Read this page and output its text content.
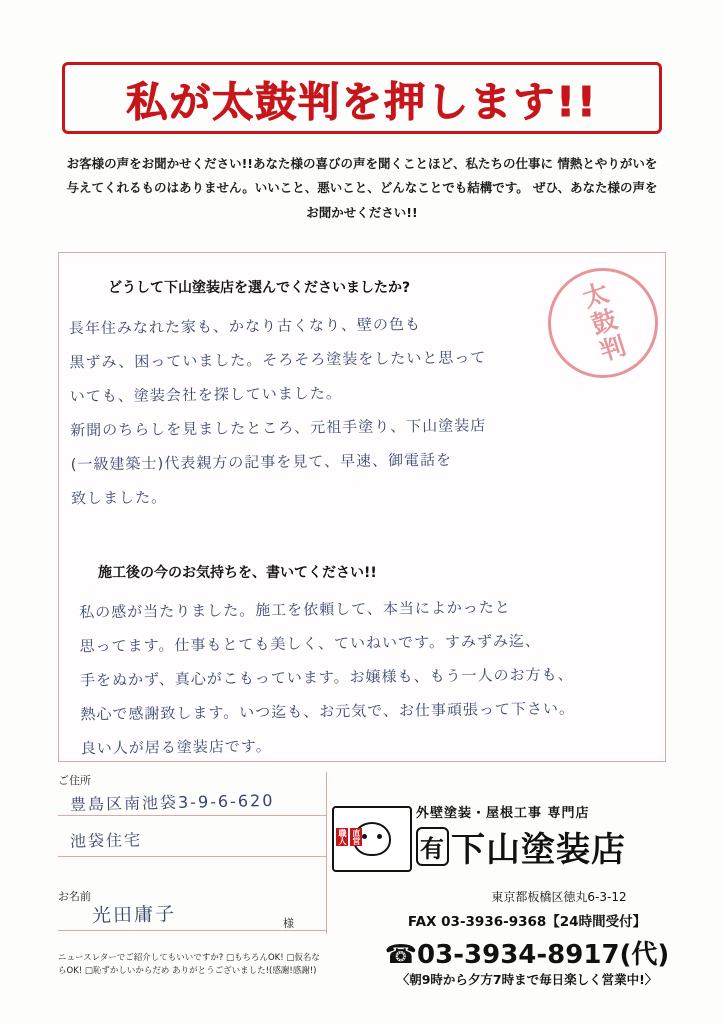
私が太鼓判を押します!!
お客様の声をお聞かせください!!あなた様の喜びの声を聞くことほど、私たちの仕事に 情熱とやりがいを与えてくれるものはありません。いいこと、悪いこと、どんなことでも結構です。 ぜひ、あなた様の声をお聞かせください!!
どうして下山塗装店を選んでくださいましたか?
長年住みなれた家も、かなり古くなり、壁の色も
黒ずみ、困っていました。そろそろ塗装をしたいと思って
いても、塗装会社を探していました。
新聞のちらしを見ましたところ、元祖手塗り、下山塗装店
(一級建築士)代表親方の記事を見て、早速、御電話を
致しました。
太鼓判
施工後の今のお気持ちを、書いてください!!
私の感が当たりました。施工を依頼して、本当によかったと
思ってます。仕事もとても美しく、ていねいです。すみずみ迄、
手をぬかず、真心がこもっています。お嬢様も、もう一人のお方も、
熱心で感謝致します。いつ迄も、お元気で、お仕事頑張って下さい。
良い人が居る塗装店です。
ご住所
豊島区南池袋3-9-6-620
池袋住宅
お名前
光田庸子	様
ニュースレターでご紹介してもいいですか? □もちろんOK! □仮名ならOK! □恥ずかしいからだめ ありがとうございました!(感謝!感謝!)
職人 直営
外壁塗装・屋根工事 専門店
有 下山塗装店
東京都板橋区徳丸6-3-12
FAX 03-3936-9368【24時間受付】
☎03-3934-8917(代)
〈朝9時から夕方7時まで毎日楽しく営業中!〉
